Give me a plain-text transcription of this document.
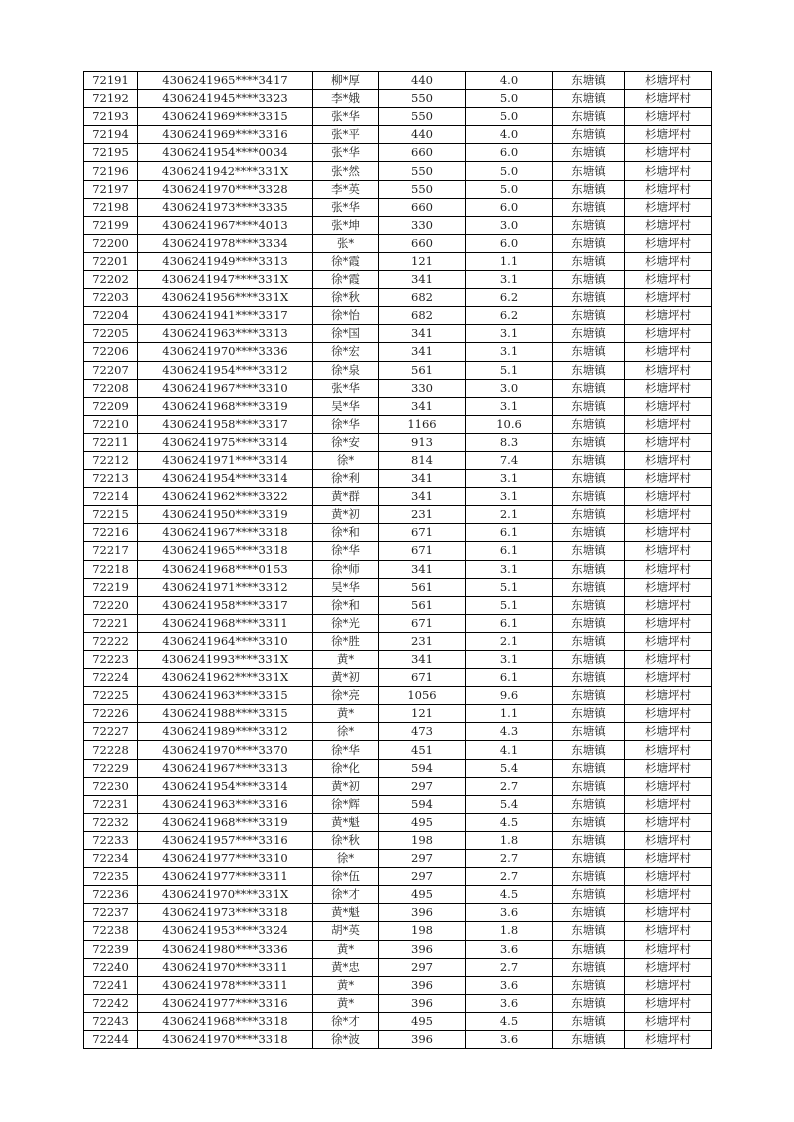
72191	4306241965****3417	柳*厚	440	4.0	东塘镇	杉塘坪村
72192	4306241945****3323	李*娥	550	5.0	东塘镇	杉塘坪村
72193	4306241969****3315	张*华	550	5.0	东塘镇	杉塘坪村
72194	4306241969****3316	张*平	440	4.0	东塘镇	杉塘坪村
72195	4306241954****0034	张*华	660	6.0	东塘镇	杉塘坪村
72196	4306241942****331X	张*然	550	5.0	东塘镇	杉塘坪村
72197	4306241970****3328	李*英	550	5.0	东塘镇	杉塘坪村
72198	4306241973****3335	张*华	660	6.0	东塘镇	杉塘坪村
72199	4306241967****4013	张*坤	330	3.0	东塘镇	杉塘坪村
72200	4306241978****3334	张*	660	6.0	东塘镇	杉塘坪村
72201	4306241949****3313	徐*霞	121	1.1	东塘镇	杉塘坪村
72202	4306241947****331X	徐*霞	341	3.1	东塘镇	杉塘坪村
72203	4306241956****331X	徐*秋	682	6.2	东塘镇	杉塘坪村
72204	4306241941****3317	徐*怡	682	6.2	东塘镇	杉塘坪村
72205	4306241963****3313	徐*国	341	3.1	东塘镇	杉塘坪村
72206	4306241970****3336	徐*宏	341	3.1	东塘镇	杉塘坪村
72207	4306241954****3312	徐*泉	561	5.1	东塘镇	杉塘坪村
72208	4306241967****3310	张*华	330	3.0	东塘镇	杉塘坪村
72209	4306241968****3319	吴*华	341	3.1	东塘镇	杉塘坪村
72210	4306241958****3317	徐*华	1166	10.6	东塘镇	杉塘坪村
72211	4306241975****3314	徐*安	913	8.3	东塘镇	杉塘坪村
72212	4306241971****3314	徐*	814	7.4	东塘镇	杉塘坪村
72213	4306241954****3314	徐*利	341	3.1	东塘镇	杉塘坪村
72214	4306241962****3322	黄*群	341	3.1	东塘镇	杉塘坪村
72215	4306241950****3319	黄*初	231	2.1	东塘镇	杉塘坪村
72216	4306241967****3318	徐*和	671	6.1	东塘镇	杉塘坪村
72217	4306241965****3318	徐*华	671	6.1	东塘镇	杉塘坪村
72218	4306241968****0153	徐*师	341	3.1	东塘镇	杉塘坪村
72219	4306241971****3312	吴*华	561	5.1	东塘镇	杉塘坪村
72220	4306241958****3317	徐*和	561	5.1	东塘镇	杉塘坪村
72221	4306241968****3311	徐*光	671	6.1	东塘镇	杉塘坪村
72222	4306241964****3310	徐*胜	231	2.1	东塘镇	杉塘坪村
72223	4306241993****331X	黄*	341	3.1	东塘镇	杉塘坪村
72224	4306241962****331X	黄*初	671	6.1	东塘镇	杉塘坪村
72225	4306241963****3315	徐*亮	1056	9.6	东塘镇	杉塘坪村
72226	4306241988****3315	黄*	121	1.1	东塘镇	杉塘坪村
72227	4306241989****3312	徐*	473	4.3	东塘镇	杉塘坪村
72228	4306241970****3370	徐*华	451	4.1	东塘镇	杉塘坪村
72229	4306241967****3313	徐*化	594	5.4	东塘镇	杉塘坪村
72230	4306241954****3314	黄*初	297	2.7	东塘镇	杉塘坪村
72231	4306241963****3316	徐*辉	594	5.4	东塘镇	杉塘坪村
72232	4306241968****3319	黄*魁	495	4.5	东塘镇	杉塘坪村
72233	4306241957****3316	徐*秋	198	1.8	东塘镇	杉塘坪村
72234	4306241977****3310	徐*	297	2.7	东塘镇	杉塘坪村
72235	4306241977****3311	徐*伍	297	2.7	东塘镇	杉塘坪村
72236	4306241970****331X	徐*才	495	4.5	东塘镇	杉塘坪村
72237	4306241973****3318	黄*魁	396	3.6	东塘镇	杉塘坪村
72238	4306241953****3324	胡*英	198	1.8	东塘镇	杉塘坪村
72239	4306241980****3336	黄*	396	3.6	东塘镇	杉塘坪村
72240	4306241970****3311	黄*忠	297	2.7	东塘镇	杉塘坪村
72241	4306241978****3311	黄*	396	3.6	东塘镇	杉塘坪村
72242	4306241977****3316	黄*	396	3.6	东塘镇	杉塘坪村
72243	4306241968****3318	徐*才	495	4.5	东塘镇	杉塘坪村
72244	4306241970****3318	徐*波	396	3.6	东塘镇	杉塘坪村
